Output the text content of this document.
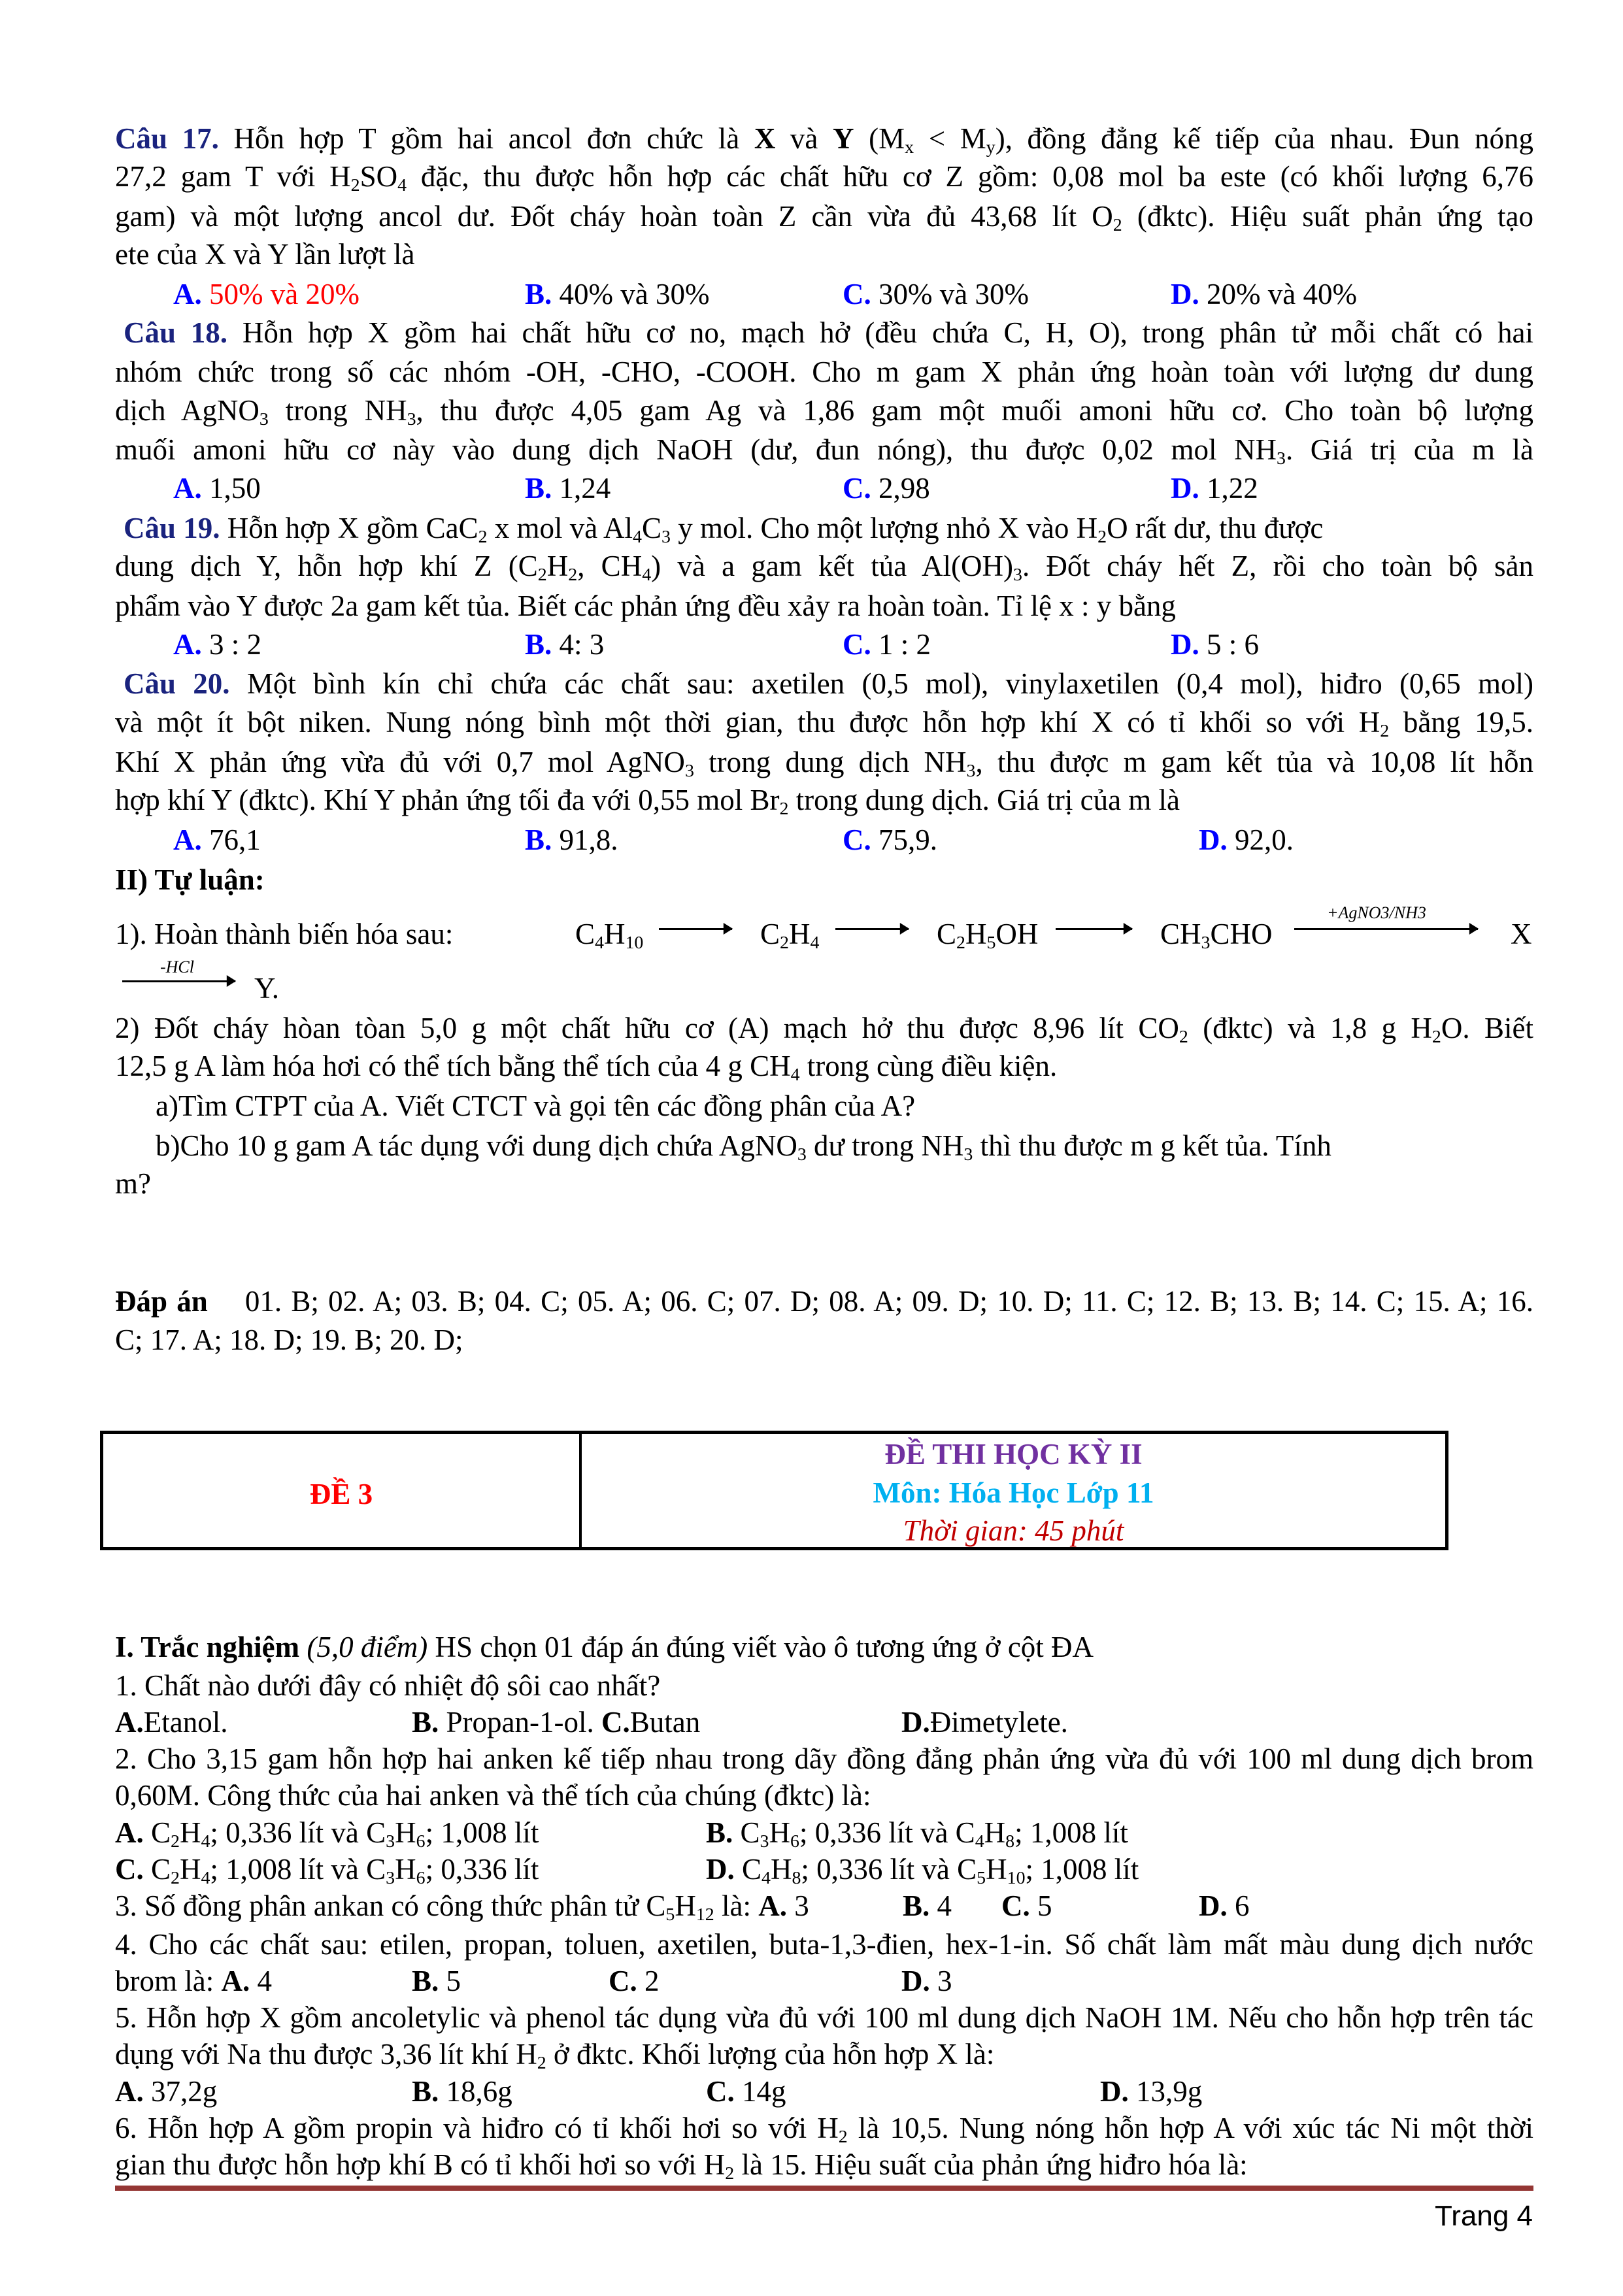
Câu 17. Hỗn hợp T gồm hai ancol đơn chức là X và Y $(M_x < M_y)$, đồng đẳng kế tiếp của nhau. Đun nóng
27,2 gam T với $H_2SO_4$ đặc, thu được hỗn hợp các chất hữu cơ Z gồm: 0,08 mol ba este (có khối lượng 6,76
gam) và một lượng ancol dư. Đốt cháy hoàn toàn Z cần vừa đủ 43,68 lít $O_2$ (đktc). Hiệu suất phản ứng tạo
ete của X và Y lần lượt là
A. 50% và 20%	B. 40% và 30%	C. 30% và 30%	D. 20% và 40%
Câu 18. Hỗn hợp X gồm hai chất hữu cơ no, mạch hở (đều chứa C, H, O), trong phân tử mỗi chất có hai
nhóm chức trong số các nhóm -OH, -CHO, -COOH. Cho m gam X phản ứng hoàn toàn với lượng dư dung
dịch AgNO$_3$ trong $NH_3$, thu được 4,05 gam Ag và 1,86 gam một muối amoni hữu cơ. Cho toàn bộ lượng
muối amoni hữu cơ này vào dung dịch NaOH (dư, đun nóng), thu được 0,02 mol $NH_3$. Giá trị của m là
A. 1,50	B. 1,24	C. 2,98	D. 1,22
Câu 19. Hỗn hợp X gồm CaC$_2$ x mol và $Al_4C_3$ y mol. Cho một lượng nhỏ X vào $H_2O$ rất dư, thu được
dung dịch Y, hỗn hợp khí Z ($C_2H_2$, $CH_4$) và a gam kết tủa $Al(OH)_3$. Đốt cháy hết Z, rồi cho toàn bộ sản
phẩm vào Y được 2a gam kết tủa. Biết các phản ứng đều xảy ra hoàn toàn. Tỉ lệ x : y bằng
A. 3 : 2	B. 4: 3	C. 1 : 2	D. 5 : 6
Câu 20. Một bình kín chỉ chứa các chất sau: axetilen (0,5 mol), vinylaxetilen (0,4 mol), hiđro (0,65 mol)
và một ít bột niken. Nung nóng bình một thời gian, thu được hỗn hợp khí X có tỉ khối so với $H_2$ bằng 19,5.
Khí X phản ứng vừa đủ với 0,7 mol AgNO$_3$ trong dung dịch $NH_3$, thu được m gam kết tủa và 10,08 lít hỗn
hợp khí Y (đktc). Khí Y phản ứng tối đa với 0,55 mol $Br_2$ trong dung dịch. Giá trị của m là
A. 76,1	B. 91,8.	C. 75,9.	D. 92,0.
II) Tự luận:
1). Hoàn thành biến hóa sau:	$C_4H_{10}$	$C_2H_4$	$C_2H_5OH$	$CH_3CHO$
+AgNO3/NH3
X
-HCl
Y.
2) Đốt cháy hòan tòan 5,0 g một chất hữu cơ (A) mạch hở thu được 8,96 lít $CO_2$ (đktc) và 1,8 g $H_2O$. Biết
12,5 g A làm hóa hơi có thể tích bằng thể tích của 4 g $CH_4$ trong cùng điều kiện.
a)Tìm CTPT của A. Viết CTCT và gọi tên các đồng phân của A?
b)Cho 10 g gam A tác dụng với dung dịch chứa AgNO$_3$ dư trong $NH_3$ thì thu được m g kết tủa. Tính
m?
Đáp án 01. B; 02. A; 03. B; 04. C; 05. A; 06. C; 07. D; 08. A; 09. D; 10. D; 11. C; 12. B; 13. B; 14. C; 15. A; 16.
C; 17. A; 18. D; 19. B; 20. D;
ĐỀ 3
ĐỀ THI HỌC KỲ II
Môn: Hóa Học Lớp 11
Thời gian: 45 phút
I. Trắc nghiệm (5,0 điểm) HS chọn 01 đáp án đúng viết vào ô tương ứng ở cột ĐA
1. Chất nào dưới đây có nhiệt độ sôi cao nhất?
A.Etanol.	B. Propan-1-ol. C.Butan	D.Đimetylete.
2. Cho 3,15 gam hỗn hợp hai anken kế tiếp nhau trong dãy đồng đẳng phản ứng vừa đủ với 100 ml dung dịch brom
0,60M. Công thức của hai anken và thể tích của chúng (đktc) là:
A. $C_2H_4$; 0,336 lít và $C_3H_6$; 1,008 lít	B. $C_3H_6$; 0,336 lít và $C_4H_8$; 1,008 lít
C. $C_2H_4$; 1,008 lít và $C_3H_6$; 0,336 lít	D. $C_4H_8$; 0,336 lít và $C_5H_{10}$; 1,008 lít
3. Số đồng phân ankan có công thức phân tử $C_5H_{12}$ là: A. 3	B. 4 C. 5	D. 6
4. Cho các chất sau: etilen, propan, toluen, axetilen, buta-1,3-đien, hex-1-in. Số chất làm mất màu dung dịch nước
brom là: A. 4	B. 5	C. 2	D. 3
5. Hỗn hợp X gồm ancoletylic và phenol tác dụng vừa đủ với 100 ml dung dịch NaOH 1M. Nếu cho hỗn hợp trên tác
dụng với Na thu được 3,36 lít khí $H_2$ ở đktc. Khối lượng của hỗn hợp X là:
A. 37,2g	B. 18,6g	C. 14g	D. 13,9g
6. Hỗn hợp A gồm propin và hiđro có tỉ khối hơi so với $H_2$ là 10,5. Nung nóng hỗn hợp A với xúc tác Ni một thời
gian thu được hỗn hợp khí B có tỉ khối hơi so với $H_2$ là 15. Hiệu suất của phản ứng hiđro hóa là:
Trang 4
